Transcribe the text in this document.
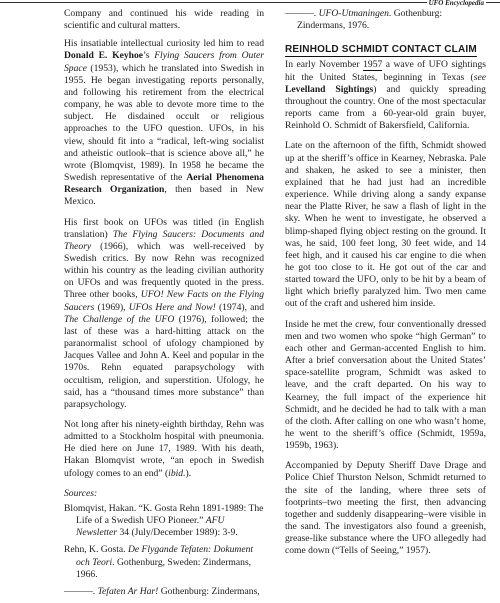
UFO Encyclopedia

Company and continued his wide reading in scientific and cultural matters.

His insatiable intellectual curiosity led him to read Donald E. Keyhoe’s Flying Saucers from Outer Space (1953), which he translated into Swedish in 1955. He began investigating reports personally, and following his retirement from the electrical company, he was able to devote more time to the subject. He disdained occult or religious approaches to the UFO question. UFOs, in his view, should fit into a “radical, left-wing socialist and atheistic outlook–that is science above all,” he wrote (Blomqvist, 1989). In 1958 he became the Swedish representative of the Aerial Phenomena Research Organization, then based in New Mexico.

His first book on UFOs was titled (in English translation) The Flying Saucers: Documents and Theory (1966), which was well-received by Swedish critics. By now Rehn was recognized within his country as the leading civilian authority on UFOs and was frequently quoted in the press. Three other books, UFO! New Facts on the Flying Saucers (1969), UFOs Here and Now! (1974), and The Challenge of the UFO (1976), followed; the last of these was a hard-hitting attack on the paranormalist school of ufology championed by Jacques Vallee and John A. Keel and popular in the 1970s. Rehn equated parapsychology with occultism, religion, and superstition. Ufology, he said, has a “thousand times more substance” than parapsychology.

Not long after his ninety-eighth birthday, Rehn was admitted to a Stockholm hospital with pneumonia. He died here on June 17, 1989. With his death, Hakan Blomqvist wrote, “an epoch in Swedish ufology comes to an end” (ibid.).

Sources:
Blomqvist, Hakan. “K. Gosta Rehn 1891-1989: The Life of a Swedish UFO Pioneer.” AFU Newsletter 34 (July/December 1989): 3-9.
Rehn, K. Gosta. De Flygande Tefaten: Dokument och Teori. Gothenburg, Sweden: Zindermans, 1966.
———. Tefaten Ar Har! Gothenburg: Zindermans,
———. UFO-Utmaningen. Gothenburg: Zindermans, 1976.
REINHOLD SCHMIDT CONTACT CLAIM

In early November 1957 a wave of UFO sightings hit the United States, beginning in Texas (see Levelland Sightings) and quickly spreading throughout the country. One of the most spectacular reports came from a 60-year-old grain buyer, Reinhold O. Schmidt of Bakersfield, California.

Late on the afternoon of the fifth, Schmidt showed up at the sheriff’s office in Kearney, Nebraska. Pale and shaken, he asked to see a minister, then explained that he had just had an incredible experience. While driving along a sandy expanse near the Platte River, he saw a flash of light in the sky. When he went to investigate, he observed a blimp-shaped flying object resting on the ground. It was, he said, 100 feet long, 30 feet wide, and 14 feet high, and it caused his car engine to die when he got too close to it. He got out of the car and started toward the UFO, only to be hit by a beam of light which briefly paralyzed him. Two men came out of the craft and ushered him inside.

Inside he met the crew, four conventionally dressed men and two women who spoke “high German” to each other and German-accented English to him. After a brief conversation about the United States’ space-satellite program, Schmidt was asked to leave, and the craft departed. On his way to Kearney, the full impact of the experience hit Schmidt, and he decided he had to talk with a man of the cloth. After calling on one who wasn’t home, he went to the sheriff’s office (Schmidt, 1959a, 1959b, 1963).

Accompanied by Deputy Sheriff Dave Drage and Police Chief Thurston Nelson, Schmidt returned to the site of the landing, where three sets of footprints–two meeting the first, then advancing together and suddenly disappearing–were visible in the sand. The investigators also found a greenish, grease-like substance where the UFO allegedly had come down (“Tells of Seeing,” 1957).
